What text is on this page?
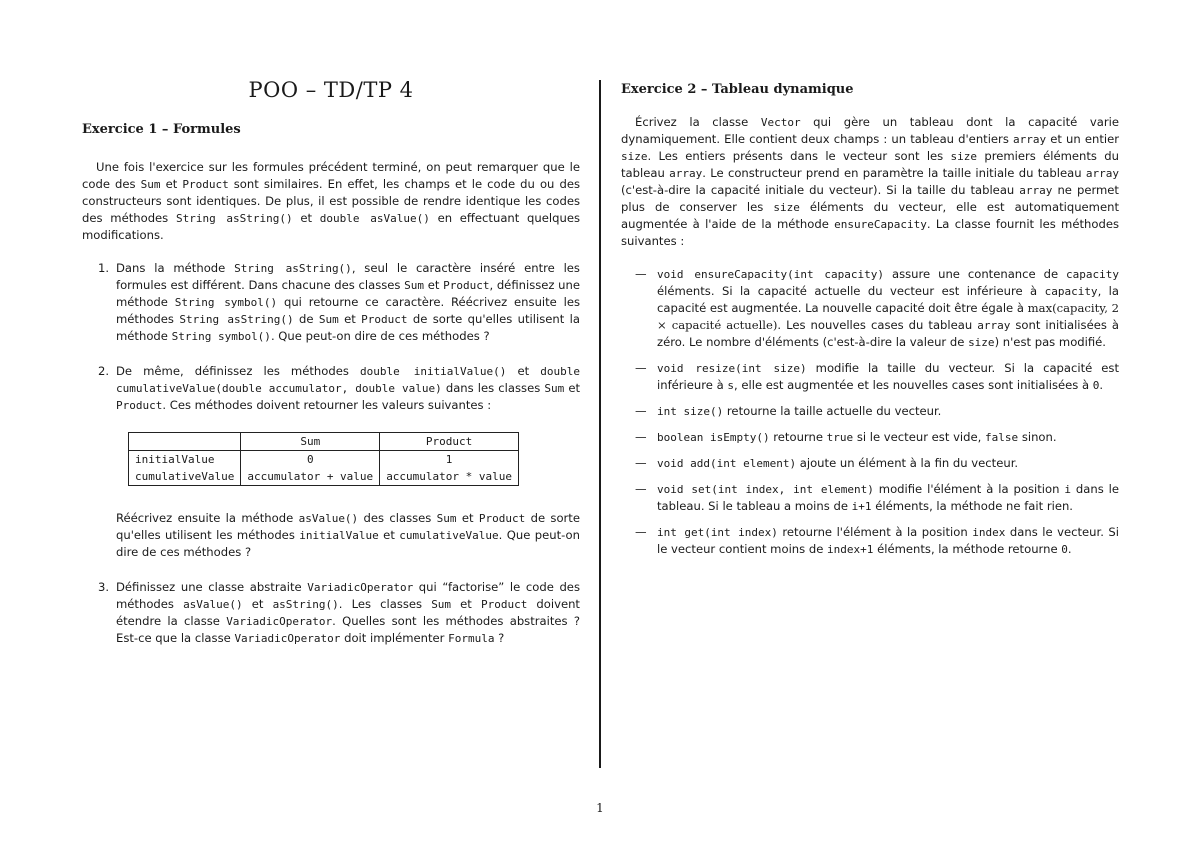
POO – TD/TP 4
Exercice 1 – Formules

Une fois l'exercice sur les formules précédent terminé, on peut remarquer que le code des Sum et Product sont similaires. En effet, les champs et le code du ou des constructeurs sont identiques. De plus, il est possible de rendre identique les codes des méthodes String asString() et double asValue() en effectuant quelques modifications.

1. Dans la méthode String asString(), seul le caractère inséré entre les formules est différent. Dans chacune des classes Sum et Product, définissez une méthode String symbol() qui retourne ce caractère. Réécrivez ensuite les méthodes String asString() de Sum et Product de sorte qu'elles utilisent la méthode String symbol(). Que peut-on dire de ces méthodes ?
2. De même, définissez les méthodes double initialValue() et double cumulativeValue(double accumulator, double value) dans les classes Sum et Product. Ces méthodes doivent retourner les valeurs suivantes :
	Sum	Product
initialValue	0	1
cumulativeValue	accumulator + value	accumulator * value
Réécrivez ensuite la méthode asValue() des classes Sum et Product de sorte qu'elles utilisent les méthodes initialValue et cumulativeValue. Que peut-on dire de ces méthodes ?
3. Définissez une classe abstraite VariadicOperator qui “factorise” le code des méthodes asValue() et asString(). Les classes Sum et Product doivent étendre la classe VariadicOperator. Quelles sont les méthodes abstraites ? Est-ce que la classe VariadicOperator doit implémenter Formula ?
Exercice 2 – Tableau dynamique

Écrivez la classe Vector qui gère un tableau dont la capacité varie dynamiquement. Elle contient deux champs : un tableau d'entiers array et un entier size. Les entiers présents dans le vecteur sont les size premiers éléments du tableau array. Le constructeur prend en paramètre la taille initiale du tableau array (c'est-à-dire la capacité initiale du vecteur). Si la taille du tableau array ne permet plus de conserver les size éléments du vecteur, elle est automatiquement augmentée à l'aide de la méthode ensureCapacity. La classe fournit les méthodes suivantes :

— void ensureCapacity(int capacity) assure une contenance de capacity éléments. Si la capacité actuelle du vecteur est inférieure à capacity, la capacité est augmentée. La nouvelle capacité doit être égale à max(capacity, 2 × capacité actuelle). Les nouvelles cases du tableau array sont initialisées à zéro. Le nombre d'éléments (c'est-à-dire la valeur de size) n'est pas modifié.
— void resize(int size) modifie la taille du vecteur. Si la capacité est inférieure à s, elle est augmentée et les nouvelles cases sont initialisées à 0.
— int size() retourne la taille actuelle du vecteur.
— boolean isEmpty() retourne true si le vecteur est vide, false sinon.
— void add(int element) ajoute un élément à la fin du vecteur.
— void set(int index, int element) modifie l'élément à la position i dans le tableau. Si le tableau a moins de i+1 éléments, la méthode ne fait rien.
— int get(int index) retourne l'élément à la position index dans le vecteur. Si le vecteur contient moins de index+1 éléments, la méthode retourne 0.
1
